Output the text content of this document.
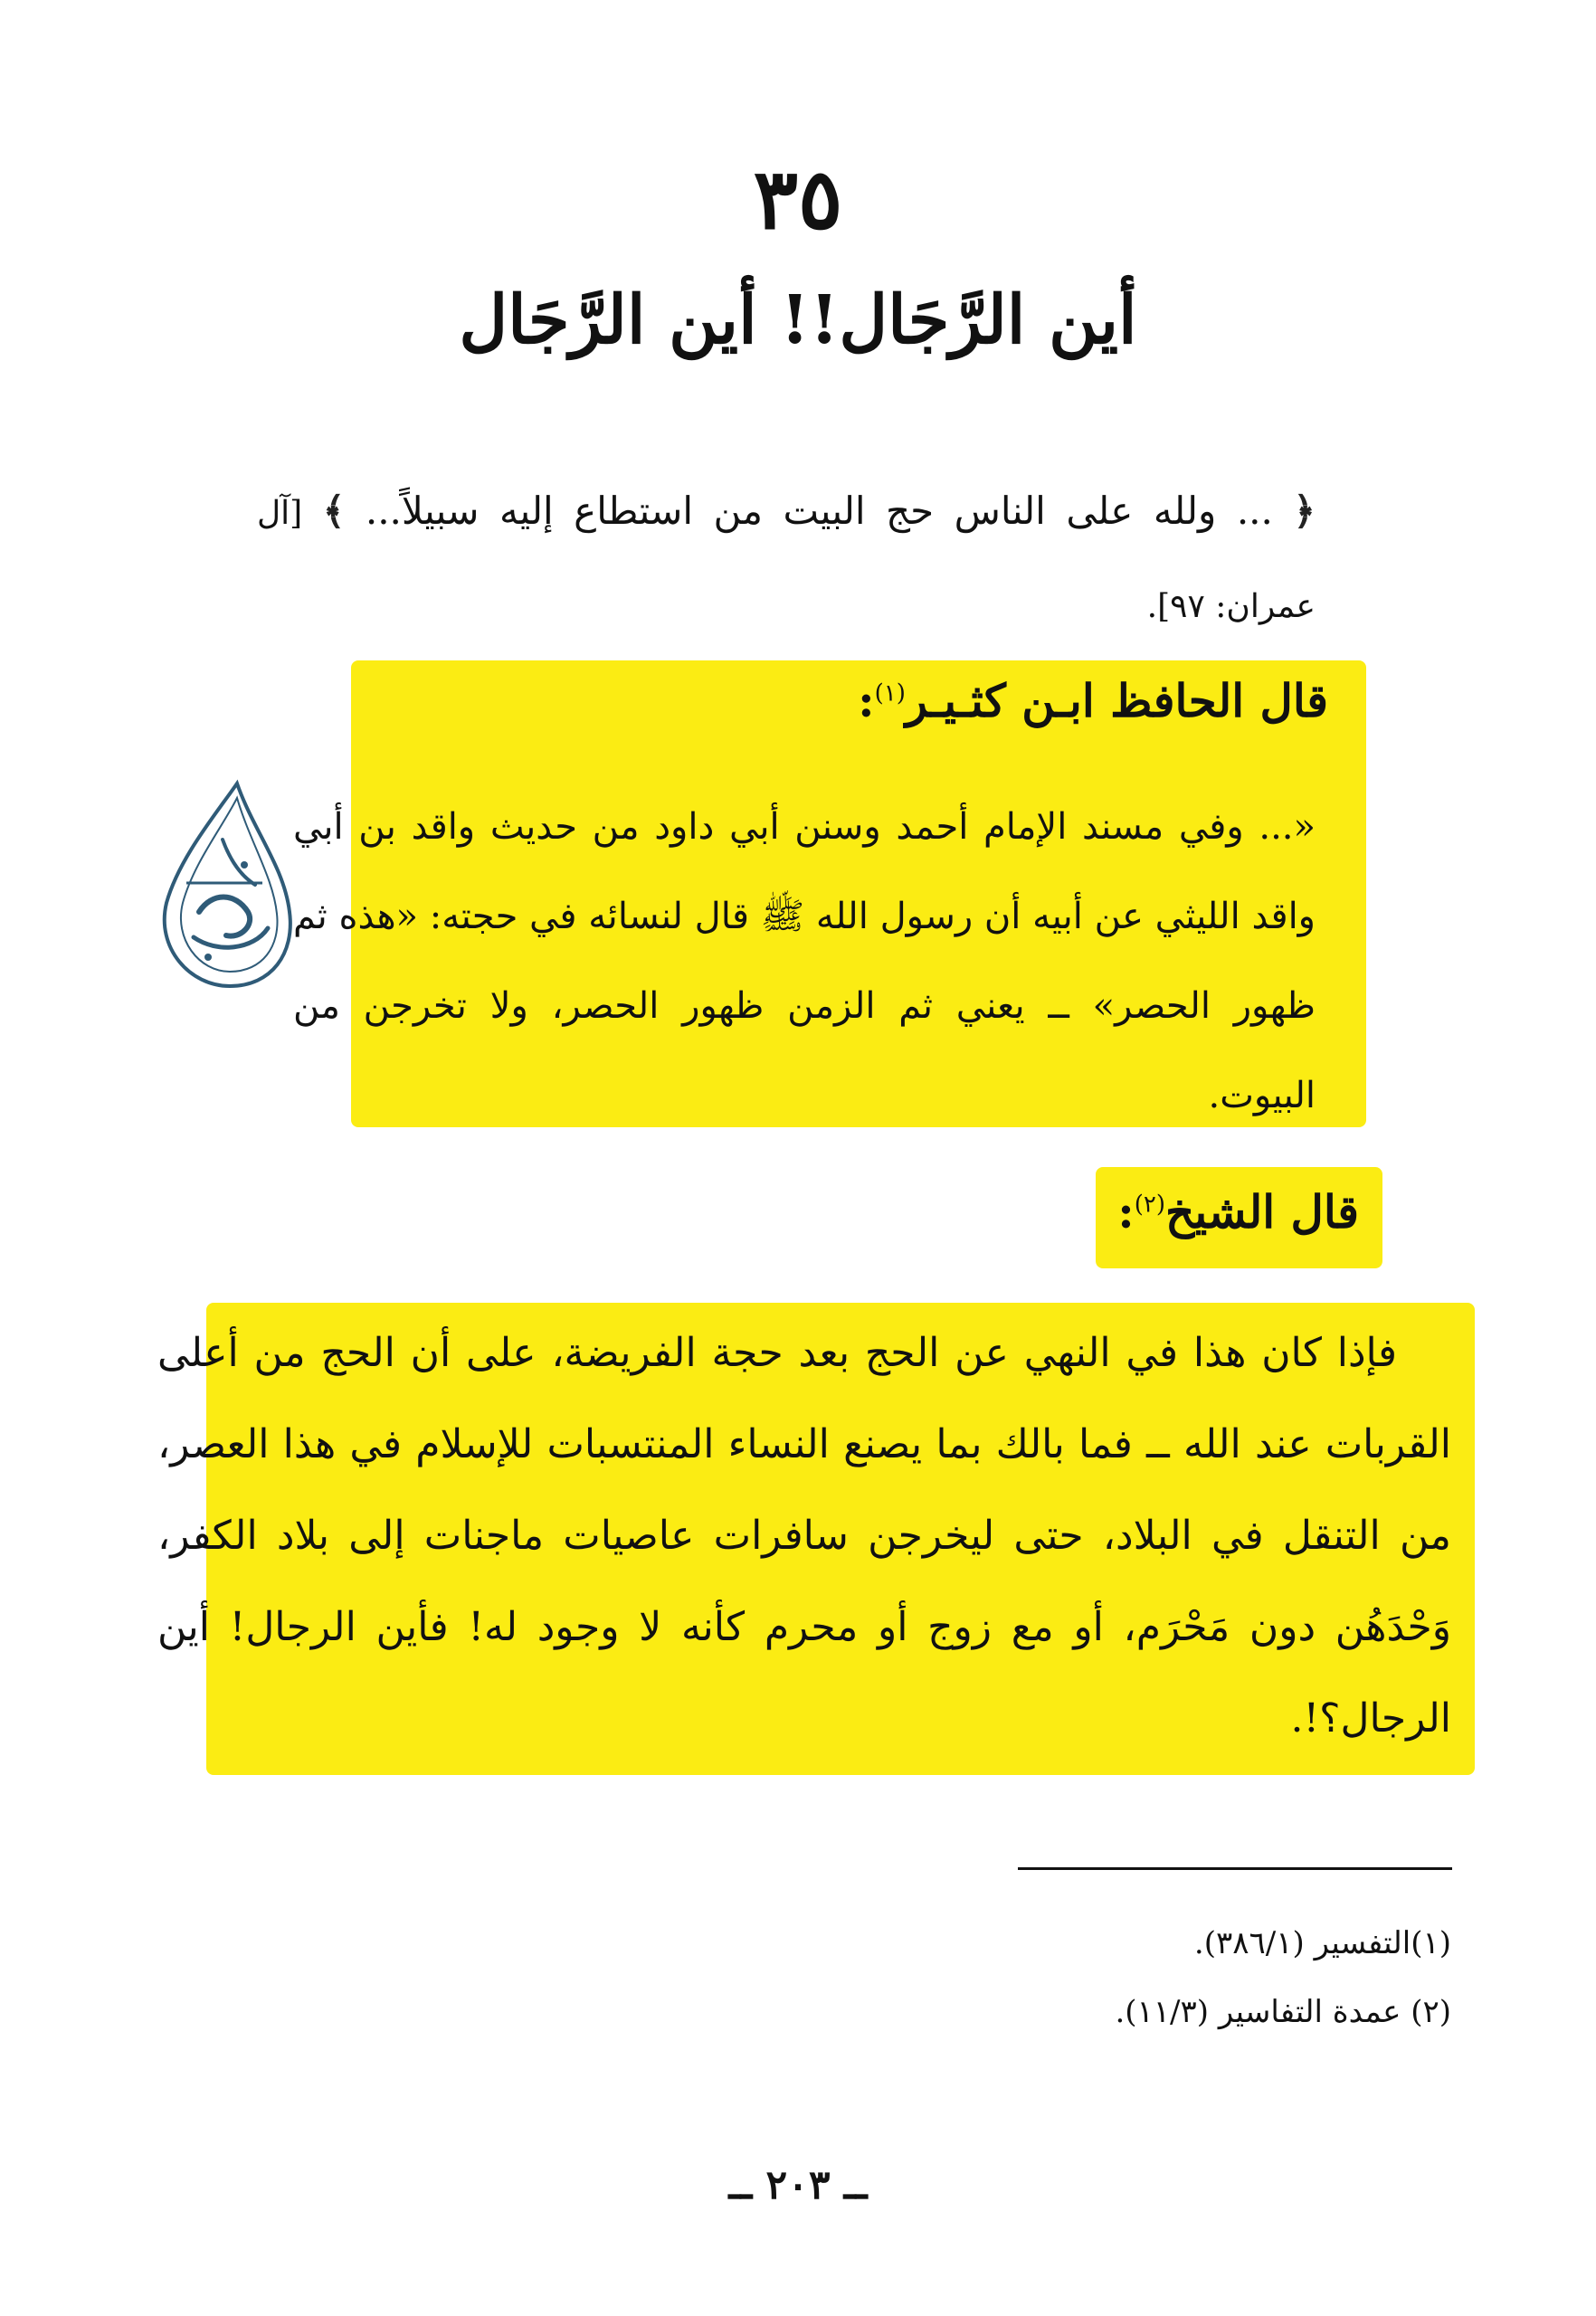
٣٥
أين الرَّجَال!! أين الرَّجَال
﴿ ... ولله على الناس حج البيت من استطاع إليه سبيلاً... ﴾ [آل عمران: ٩٧].
قال الحافظ ابـن كثـيـر$^{(١)}$:
«... وفي مسند الإمام أحمد وسنن أبي داود من حديث واقد بن أبي واقد الليثي عن أبيه أن رسول الله ﷺ قال لنسائه في حجته: «هذه ثم ظهور الحصر» ــ يعني ثم الزمن ظهور الحصر، ولا تخرجن من البيوت.
قال الشيخ$^{(٢)}$:
فإذا كان هذا في النهي عن الحج بعد حجة الفريضة، على أن الحج من أعلى القربات عند الله ــ فما بالك بما يصنع النساء المنتسبات للإسلام في هذا العصر، من التنقل في البلاد، حتى ليخرجن سافرات عاصيات ماجنات إلى بلاد الكفر، وَحْدَهُن دون مَحْرَم، أو مع زوج أو محرم كأنه لا وجود له! فأين الرجال! أين الرجال؟!.
(١)التفسير (٣٨٦/١).
(٢) عمدة التفاسير (١١/٣).
ــ ٢٠٣ ــ
